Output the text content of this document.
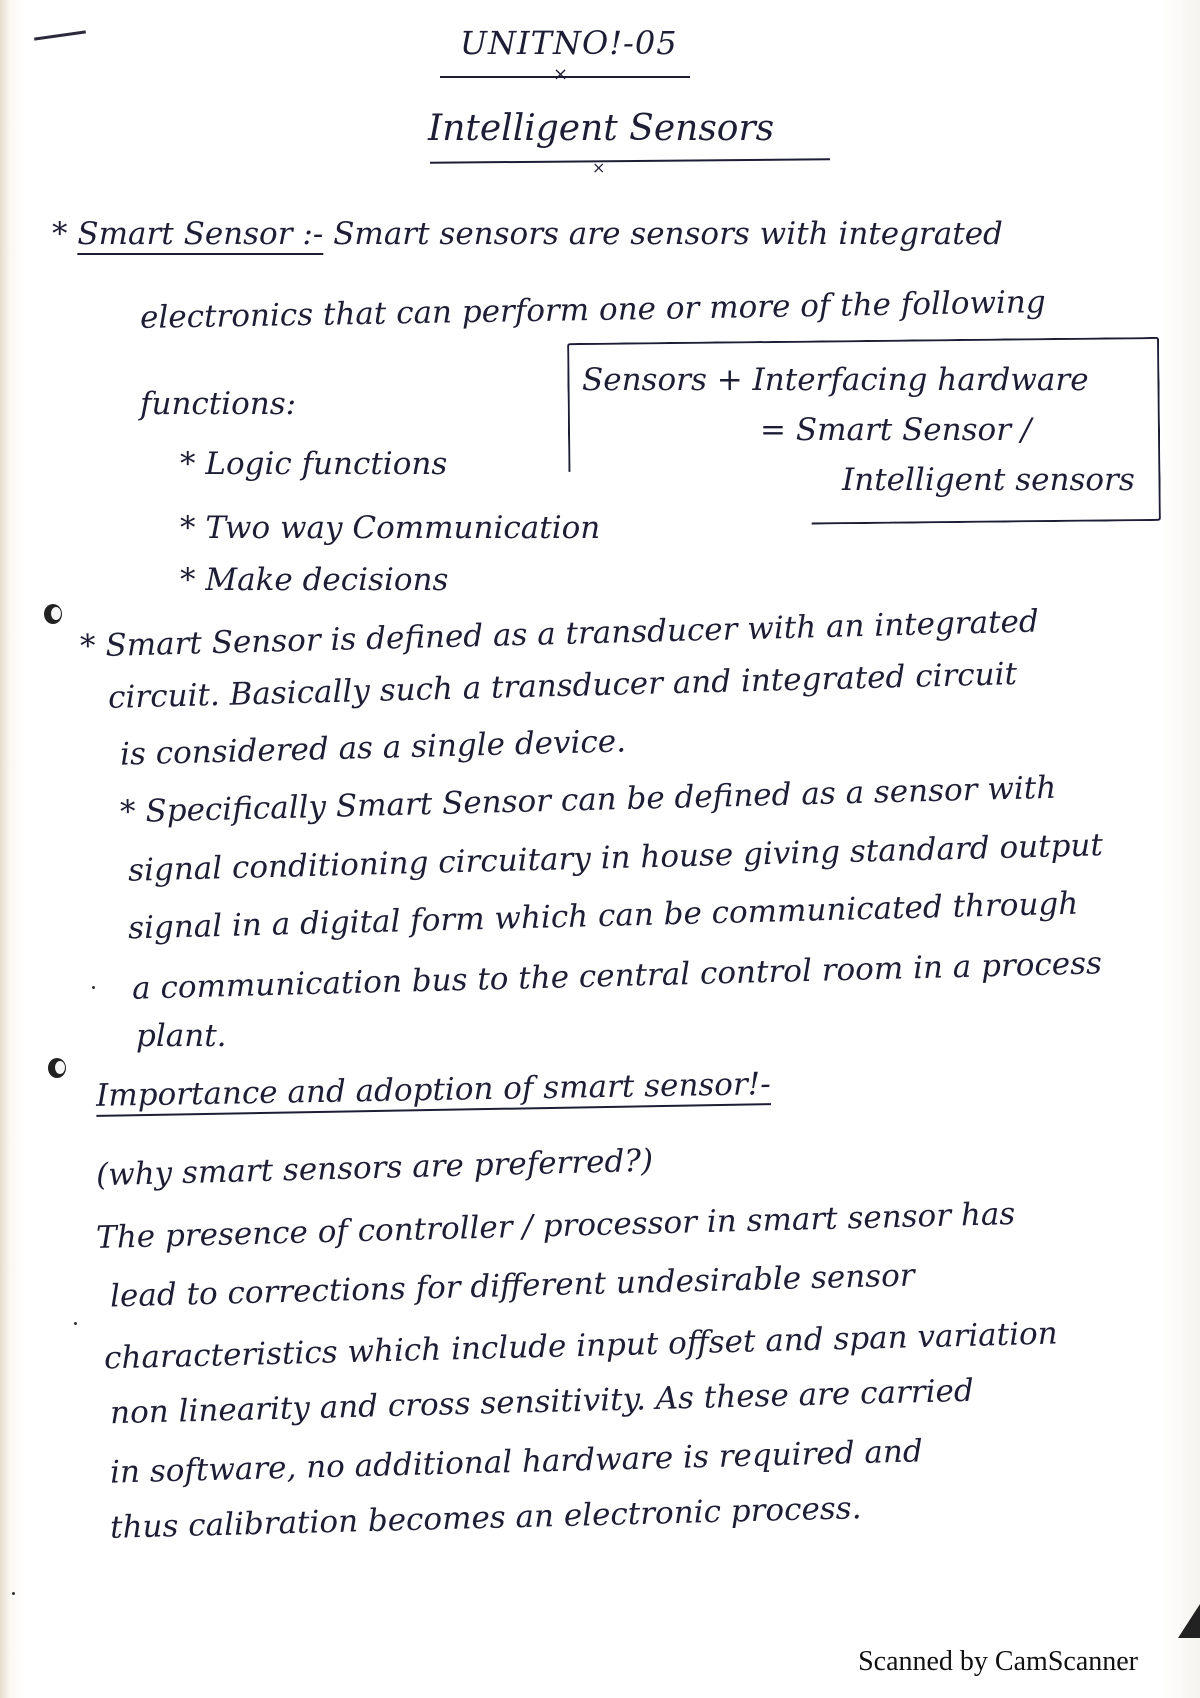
UNITNO!-05
×
Intelligent Sensors
×
* Smart Sensor :- Smart sensors are sensors with integrated
electronics that can perform one or more of the following
functions:
* Logic functions
* Two way Communication
* Make decisions
Sensors + Interfacing hardware
= Smart Sensor /
Intelligent sensors
* Smart Sensor is defined as a transducer with an integrated
circuit. Basically such a transducer and integrated circuit
is considered as a single device.
* Specifically Smart Sensor can be defined as a sensor with
signal conditioning circuitary in house giving standard output
signal in a digital form which can be communicated through
a communication bus to the central control room in a process
plant.
Importance and adoption of smart sensor!-
(why smart sensors are preferred?)
The presence of controller / processor in smart sensor has
lead to corrections for different undesirable sensor
characteristics which include input offset and span variation
non linearity and cross sensitivity. As these are carried
in software, no additional hardware is required and
thus calibration becomes an electronic process.
Scanned by CamScanner
